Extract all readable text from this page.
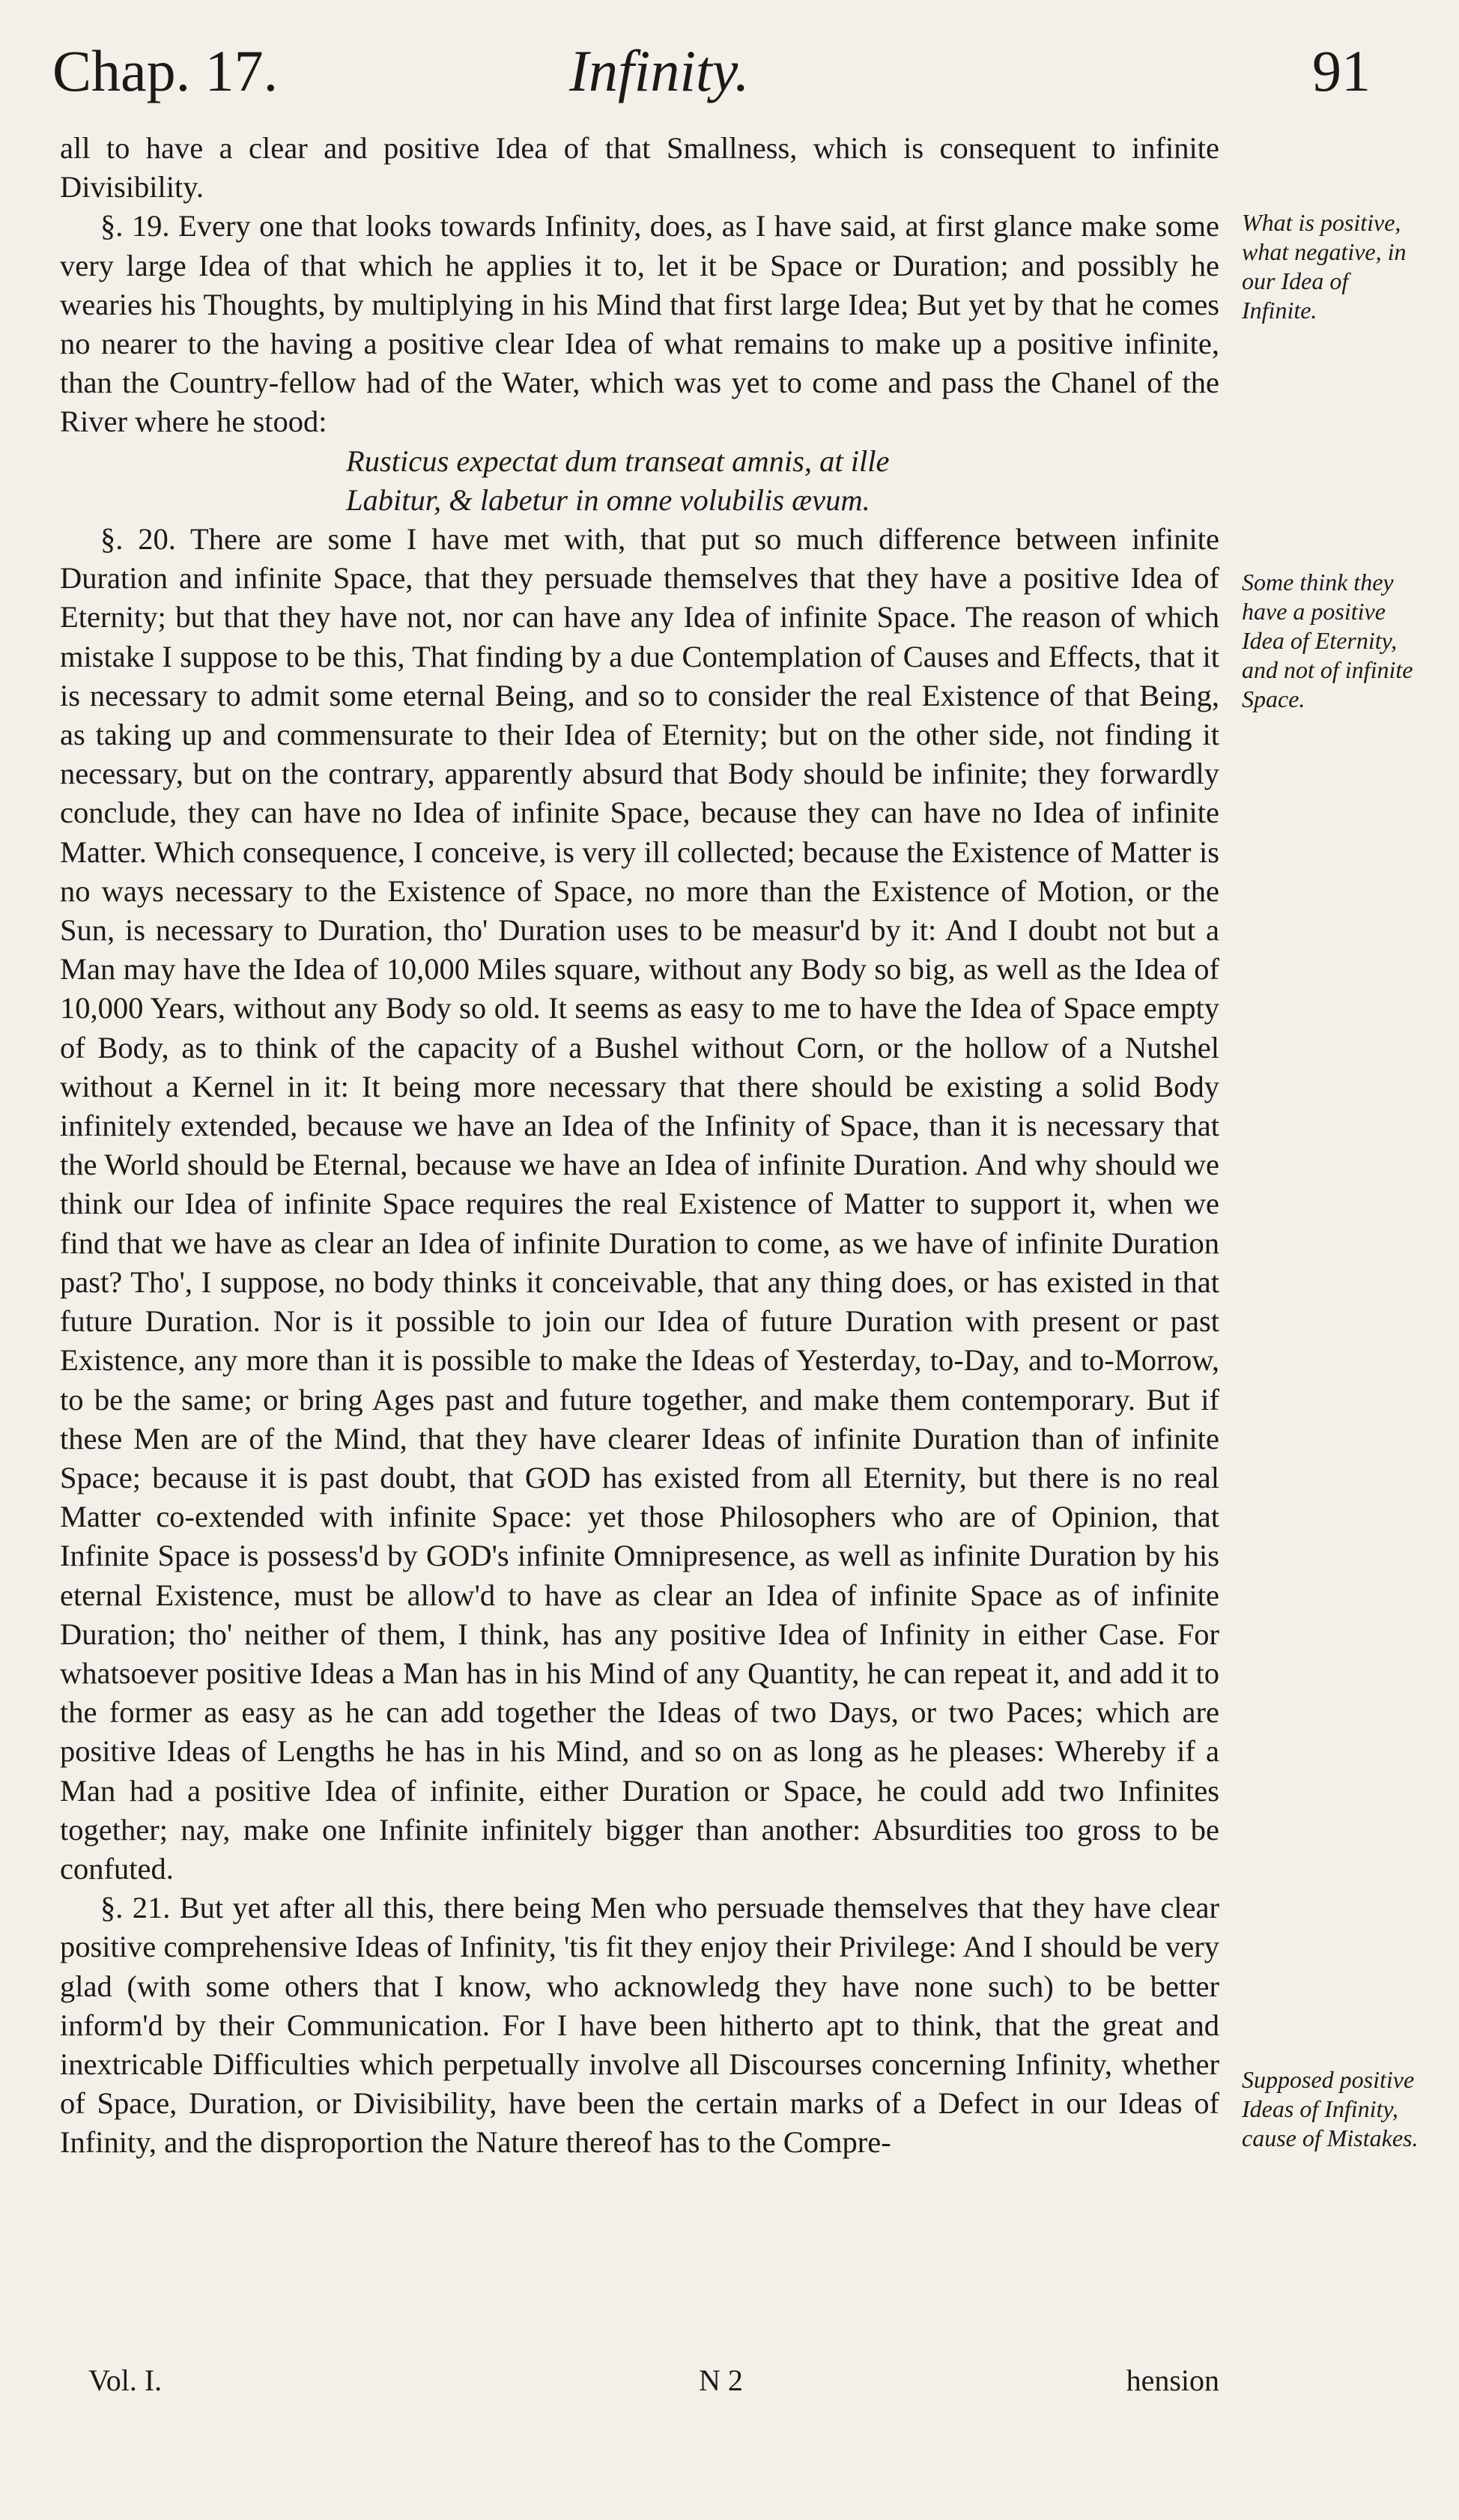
Chap. 17.	Infinity.	91

all to have a clear and positive Idea of that Smallness, which is consequent to infinite Divisibility.

§. 19. Every one that looks towards Infinity, does, as I have said, at first glance make some very large Idea of that which he applies it to, let it be Space or Duration; and possibly he wearies his Thoughts, by multiplying in his Mind that first large Idea; But yet by that he comes no nearer to the having a positive clear Idea of what remains to make up a positive infinite, than the Country-fellow had of the Water, which was yet to come and pass the Chanel of the River where he stood:

Rusticus expectat dum transeat amnis, at ille

Labitur, & labetur in omne volubilis ævum.

§. 20. There are some I have met with, that put so much difference between infinite Duration and infinite Space, that they persuade themselves that they have a positive Idea of Eternity; but that they have not, nor can have any Idea of infinite Space. The reason of which mistake I suppose to be this, That finding by a due Contemplation of Causes and Effects, that it is necessary to admit some eternal Being, and so to consider the real Existence of that Being, as taking up and commensurate to their Idea of Eternity; but on the other side, not finding it necessary, but on the contrary, apparently absurd that Body should be infinite; they forwardly conclude, they can have no Idea of infinite Space, because they can have no Idea of infinite Matter. Which consequence, I conceive, is very ill collected; because the Existence of Matter is no ways necessary to the Existence of Space, no more than the Existence of Motion, or the Sun, is necessary to Duration, tho' Duration uses to be measur'd by it: And I doubt not but a Man may have the Idea of 10,000 Miles square, without any Body so big, as well as the Idea of 10,000 Years, without any Body so old. It seems as easy to me to have the Idea of Space empty of Body, as to think of the capacity of a Bushel without Corn, or the hollow of a Nutshel without a Kernel in it: It being more necessary that there should be existing a solid Body infinitely extended, because we have an Idea of the Infinity of Space, than it is necessary that the World should be Eternal, because we have an Idea of infinite Duration. And why should we think our Idea of infinite Space requires the real Existence of Matter to support it, when we find that we have as clear an Idea of infinite Duration to come, as we have of infinite Duration past? Tho', I suppose, no body thinks it conceivable, that any thing does, or has existed in that future Duration. Nor is it possible to join our Idea of future Duration with present or past Existence, any more than it is possible to make the Ideas of Yesterday, to-Day, and to-Morrow, to be the same; or bring Ages past and future together, and make them contemporary. But if these Men are of the Mind, that they have clearer Ideas of infinite Duration than of infinite Space; because it is past doubt, that GOD has existed from all Eternity, but there is no real Matter co-extended with infinite Space: yet those Philosophers who are of Opinion, that Infinite Space is possess'd by GOD's infinite Omnipresence, as well as infinite Duration by his eternal Existence, must be allow'd to have as clear an Idea of infinite Space as of infinite Duration; tho' neither of them, I think, has any positive Idea of Infinity in either Case. For whatsoever positive Ideas a Man has in his Mind of any Quantity, he can repeat it, and add it to the former as easy as he can add together the Ideas of two Days, or two Paces; which are positive Ideas of Lengths he has in his Mind, and so on as long as he pleases: Whereby if a Man had a positive Idea of infinite, either Duration or Space, he could add two Infinites together; nay, make one Infinite infinitely bigger than another: Absurdities too gross to be confuted.

§. 21. But yet after all this, there being Men who persuade themselves that they have clear positive comprehensive Ideas of Infinity, 'tis fit they enjoy their Privilege: And I should be very glad (with some others that I know, who acknowledg they have none such) to be better inform'd by their Communication. For I have been hitherto apt to think, that the great and inextricable Difficulties which perpetually involve all Discourses concerning Infinity, whether of Space, Duration, or Divisibility, have been the certain marks of a Defect in our Ideas of Infinity, and the disproportion the Nature thereof has to the Compre-

What is positive, what negative, in our Idea of Infinite.
Some think they have a positive Idea of Eternity, and not of infinite Space.
Supposed positive Ideas of Infinity, cause of Mistakes.
Vol. I.	N 2	hension
